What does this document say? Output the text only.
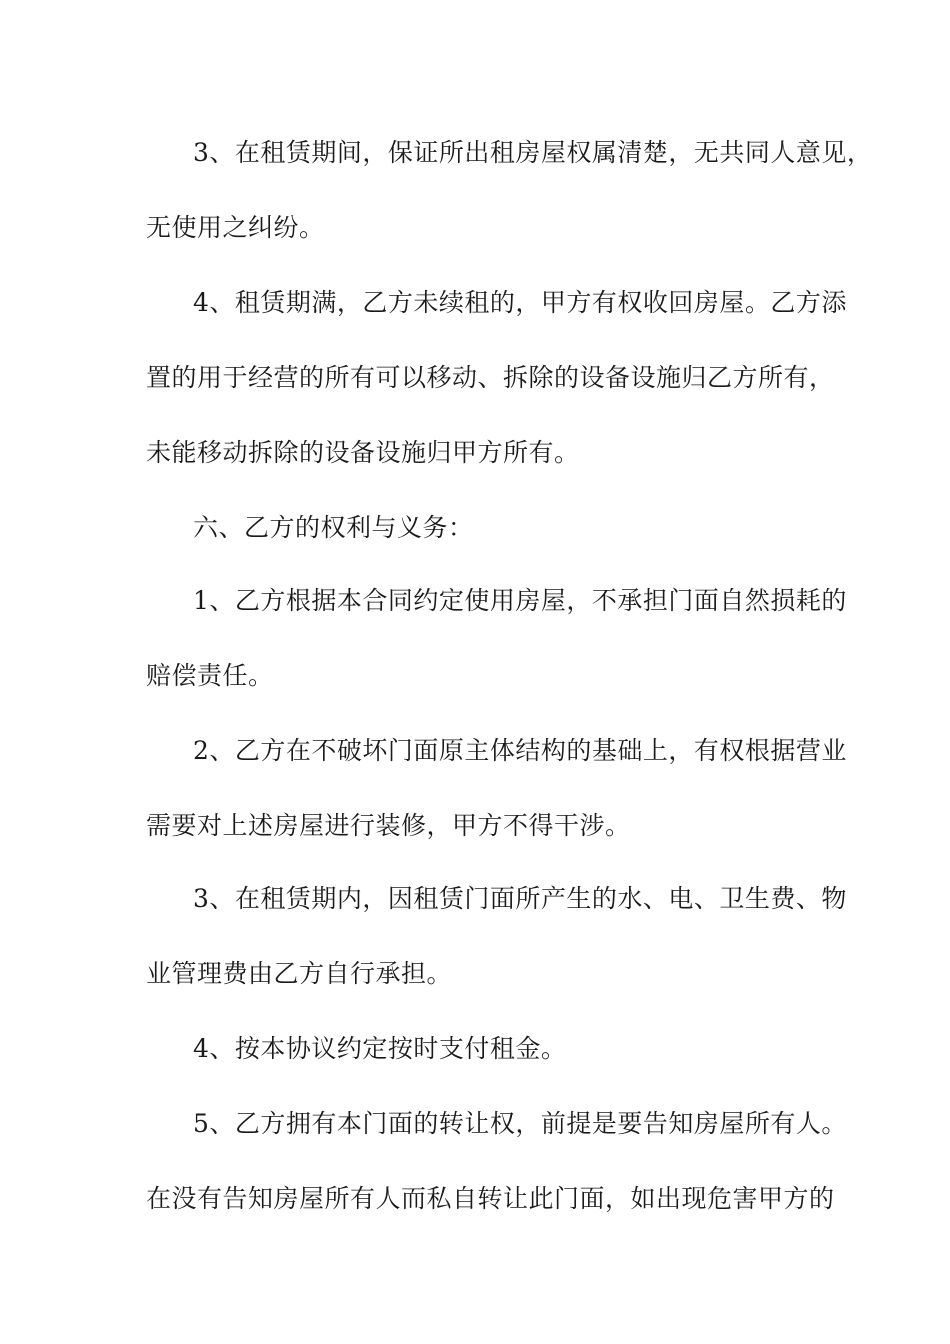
3、在租赁期间，保证所出租房屋权属清楚，无共同人意见，
无使用之纠纷。
4、租赁期满，乙方未续租的，甲方有权收回房屋。乙方添
置的用于经营的所有可以移动、拆除的设备设施归乙方所有，
未能移动拆除的设备设施归甲方所有。
六、乙方的权利与义务：
1、乙方根据本合同约定使用房屋，不承担门面自然损耗的
赔偿责任。
2、乙方在不破坏门面原主体结构的基础上，有权根据营业
需要对上述房屋进行装修，甲方不得干涉。
3、在租赁期内，因租赁门面所产生的水、电、卫生费、物
业管理费由乙方自行承担。
4、按本协议约定按时支付租金。
5、乙方拥有本门面的转让权，前提是要告知房屋所有人。
在没有告知房屋所有人而私自转让此门面，如出现危害甲方的
